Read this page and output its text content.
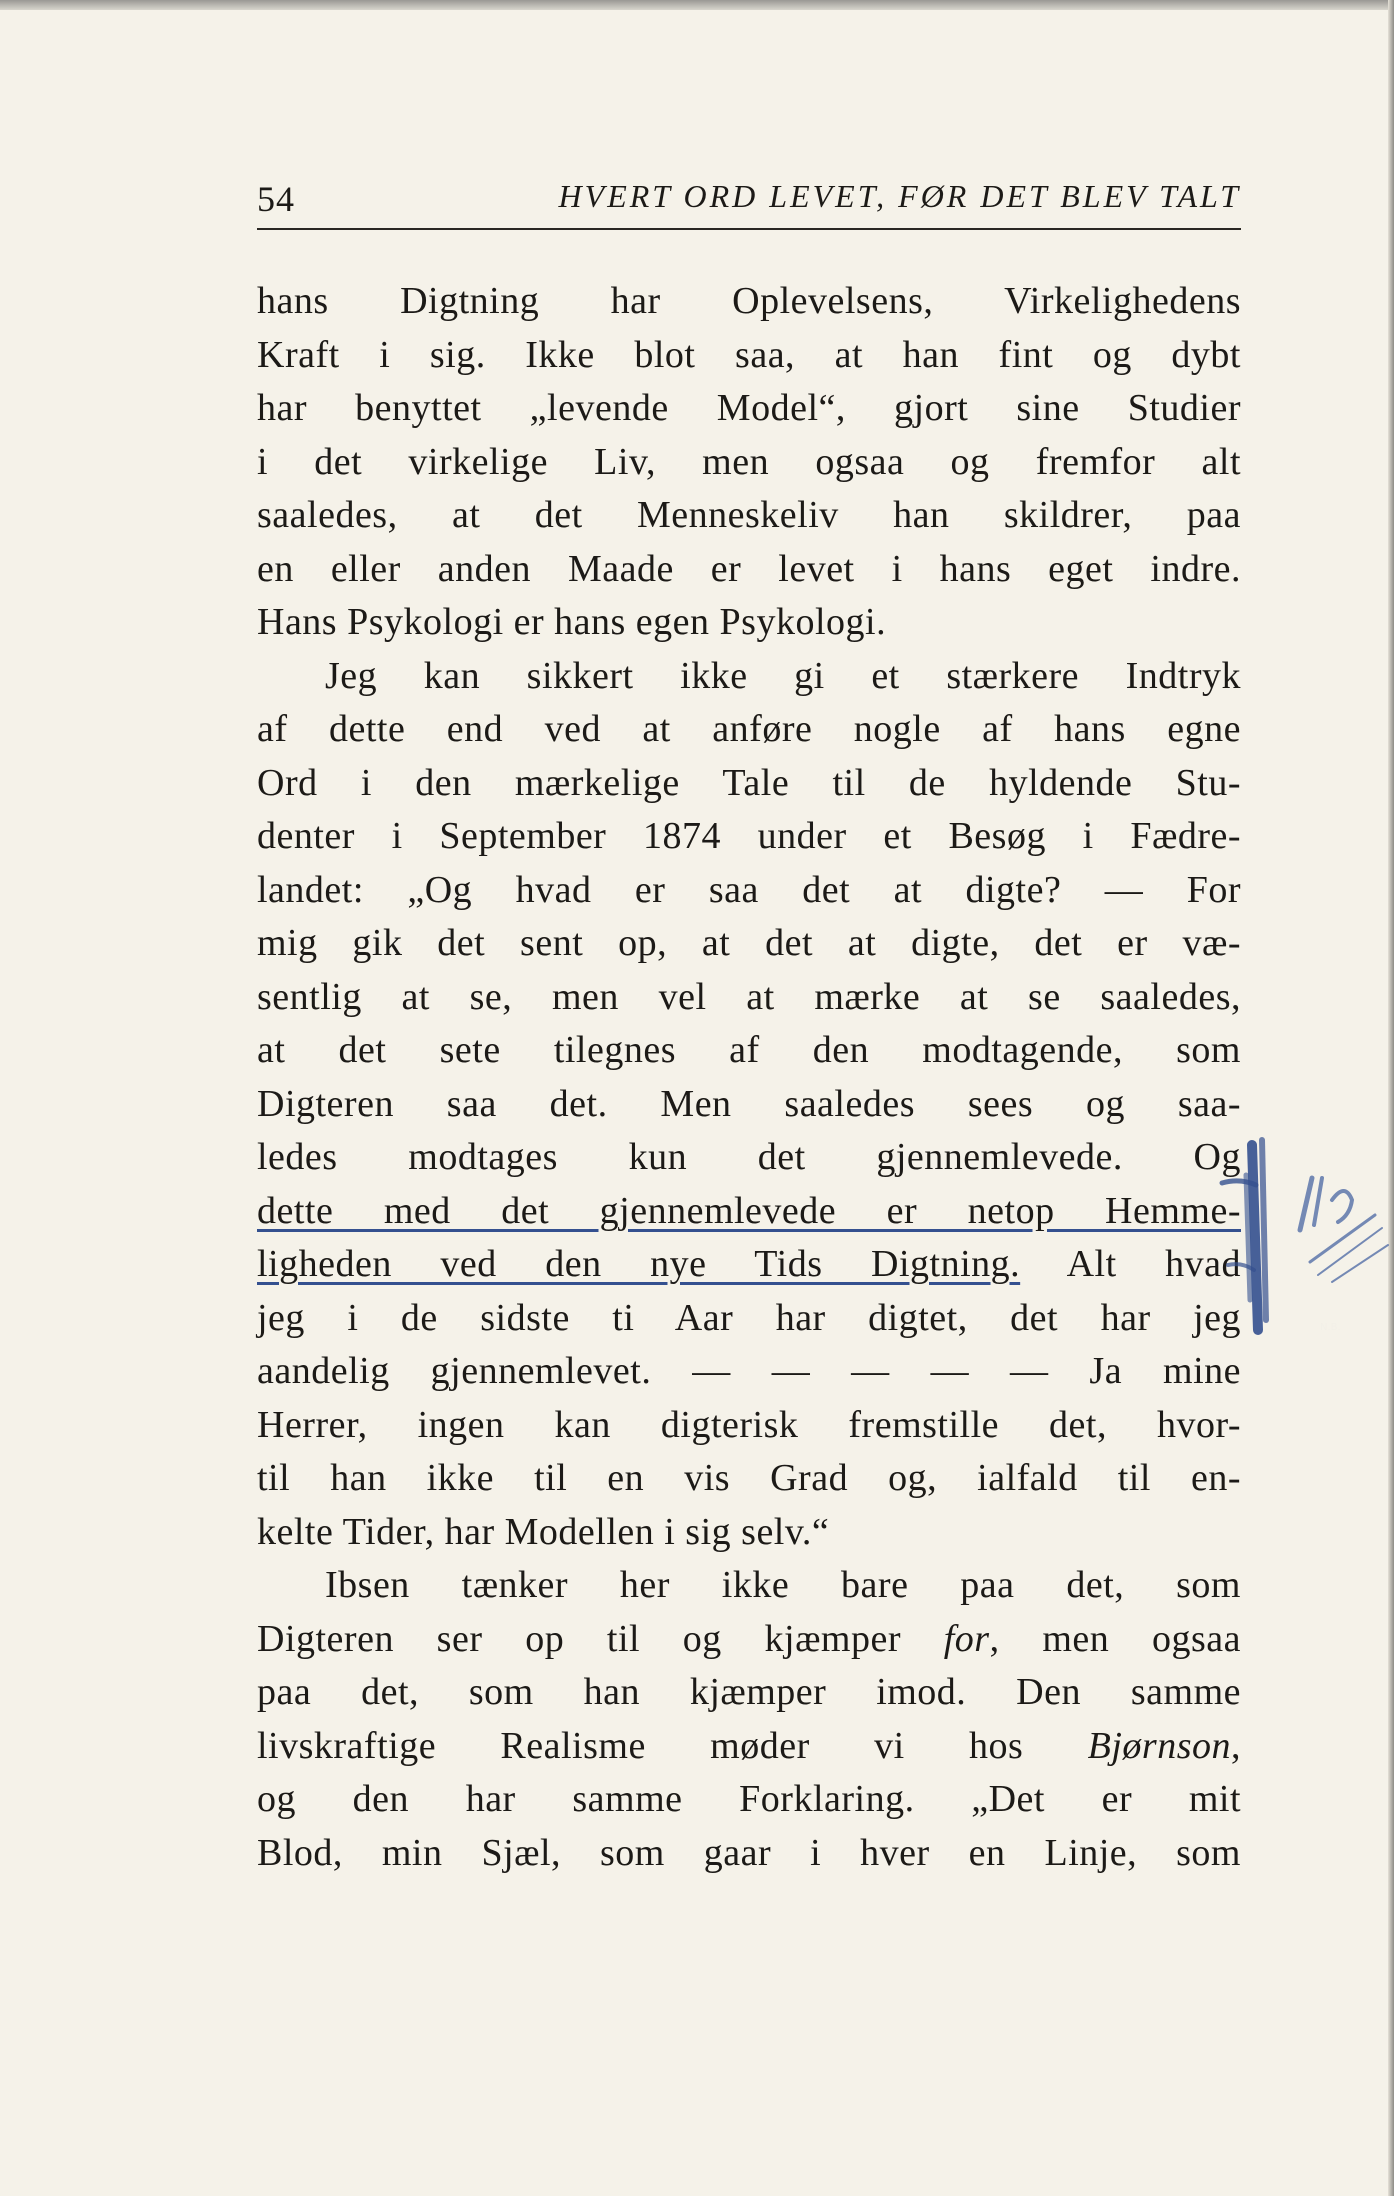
54	HVERT ORD LEVET, FØR DET BLEV TALT
hans Digtning har Oplevelsens, Virkelighedens
Kraft i sig. Ikke blot saa, at han fint og dybt
har benyttet „levende Model“, gjort sine Studier
i det virkelige Liv, men ogsaa og fremfor alt
saaledes, at det Menneskeliv han skildrer, paa
en eller anden Maade er levet i hans eget indre.
Hans Psykologi er hans egen Psykologi.
Jeg kan sikkert ikke gi et stærkere Indtryk
af dette end ved at anføre nogle af hans egne
Ord i den mærkelige Tale til de hyldende Stu-
denter i September 1874 under et Besøg i Fædre-
landet: „Og hvad er saa det at digte? — For
mig gik det sent op, at det at digte, det er væ-
sentlig at se, men vel at mærke at se saaledes,
at det sete tilegnes af den modtagende, som
Digteren saa det. Men saaledes sees og saa-
ledes modtages kun det gjennemlevede. Og
dette med det gjennemlevede er netop Hemme-
ligheden ved den nye Tids Digtning. Alt hvad
jeg i de sidste ti Aar har digtet, det har jeg
aandelig gjennemlevet. — — — — — Ja mine
Herrer, ingen kan digterisk fremstille det, hvor-
til han ikke til en vis Grad og, ialfald til en-
kelte Tider, har Modellen i sig selv.“
Ibsen tænker her ikke bare paa det, som
Digteren ser op til og kjæmper for, men ogsaa
paa det, som han kjæmper imod. Den samme
livskraftige Realisme møder vi hos Bjørnson,
og den har samme Forklaring. „Det er mit
Blod, min Sjæl, som gaar i hver en Linje, som
